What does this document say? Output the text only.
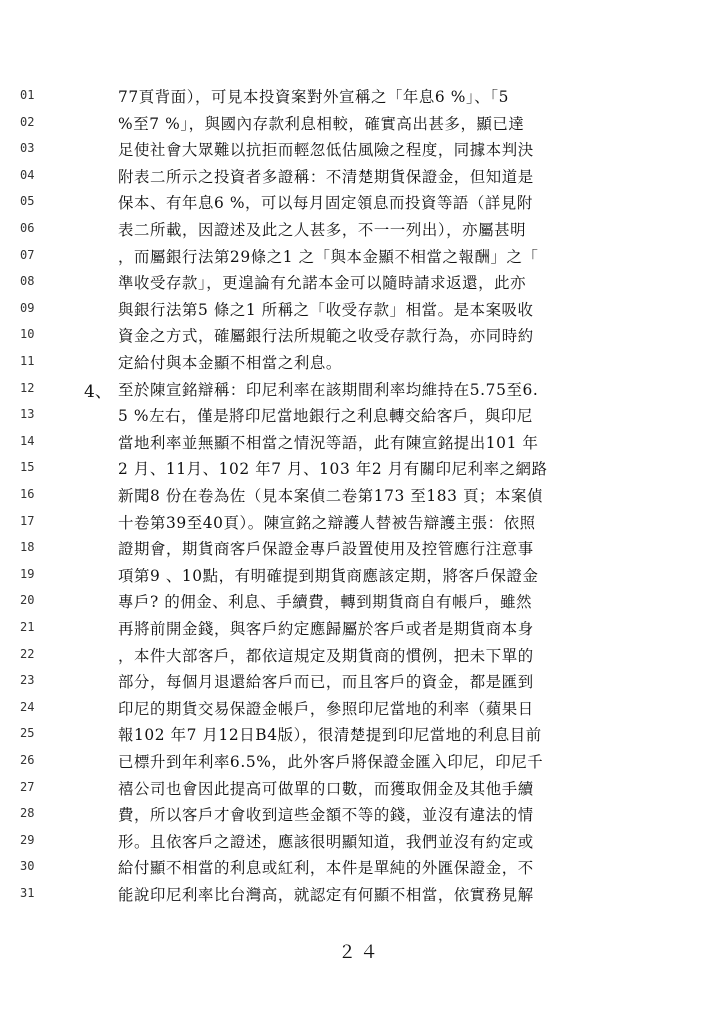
01	77頁背面），可見本投資案對外宣稱之「年息6 %」、「5
02	%至7 %」，與國內存款利息相較，確實高出甚多，顯已達
03	足使社會大眾難以抗拒而輕忽低估風險之程度，同據本判決
04	附表二所示之投資者多證稱：不清楚期貨保證金，但知道是
05	保本、有年息6 %，可以每月固定領息而投資等語（詳見附
06	表二所載，因證述及此之人甚多，不一一列出），亦屬甚明
07	，而屬銀行法第29條之1 之「與本金顯不相當之報酬」之「
08	準收受存款」，更遑論有允諾本金可以隨時請求返還，此亦
09	與銀行法第5 條之1 所稱之「收受存款」相當。是本案吸收
10	資金之方式，確屬銀行法所規範之收受存款行為，亦同時約
11	定給付與本金顯不相當之利息。
12	4、 至於陳宣銘辯稱：印尼利率在該期間利率均維持在5.75至6.
13	5 %左右，僅是將印尼當地銀行之利息轉交給客戶，與印尼
14	當地利率並無顯不相當之情況等語，此有陳宣銘提出101 年
15	2 月、11月、102 年7 月、103 年2 月有關印尼利率之網路
16	新聞8 份在卷為佐（見本案偵二卷第173 至183 頁；本案偵
17	十卷第39至40頁）。陳宣銘之辯護人替被告辯護主張：依照
18	證期會，期貨商客戶保證金專戶設置使用及控管應行注意事
19	項第9 、10點，有明確提到期貨商應該定期，將客戶保證金
20	專戶? 的佣金、利息、手續費，轉到期貨商自有帳戶，雖然
21	再將前開金錢，與客戶約定應歸屬於客戶或者是期貨商本身
22	，本件大部客戶，都依這規定及期貨商的慣例，把未下單的
23	部分，每個月退還給客戶而已，而且客戶的資金，都是匯到
24	印尼的期貨交易保證金帳戶，參照印尼當地的利率（蘋果日
25	報102 年7 月12日B4版），很清楚提到印尼當地的利息目前
26	已標升到年利率6.5%，此外客戶將保證金匯入印尼，印尼千
27	禧公司也會因此提高可做單的口數，而獲取佣金及其他手續
28	費，所以客戶才會收到這些金額不等的錢，並沒有違法的情
29	形。且依客戶之證述，應該很明顯知道，我們並沒有約定或
30	給付顯不相當的利息或紅利，本件是單純的外匯保證金，不
31	能說印尼利率比台灣高，就認定有何顯不相當，依實務見解
２４
